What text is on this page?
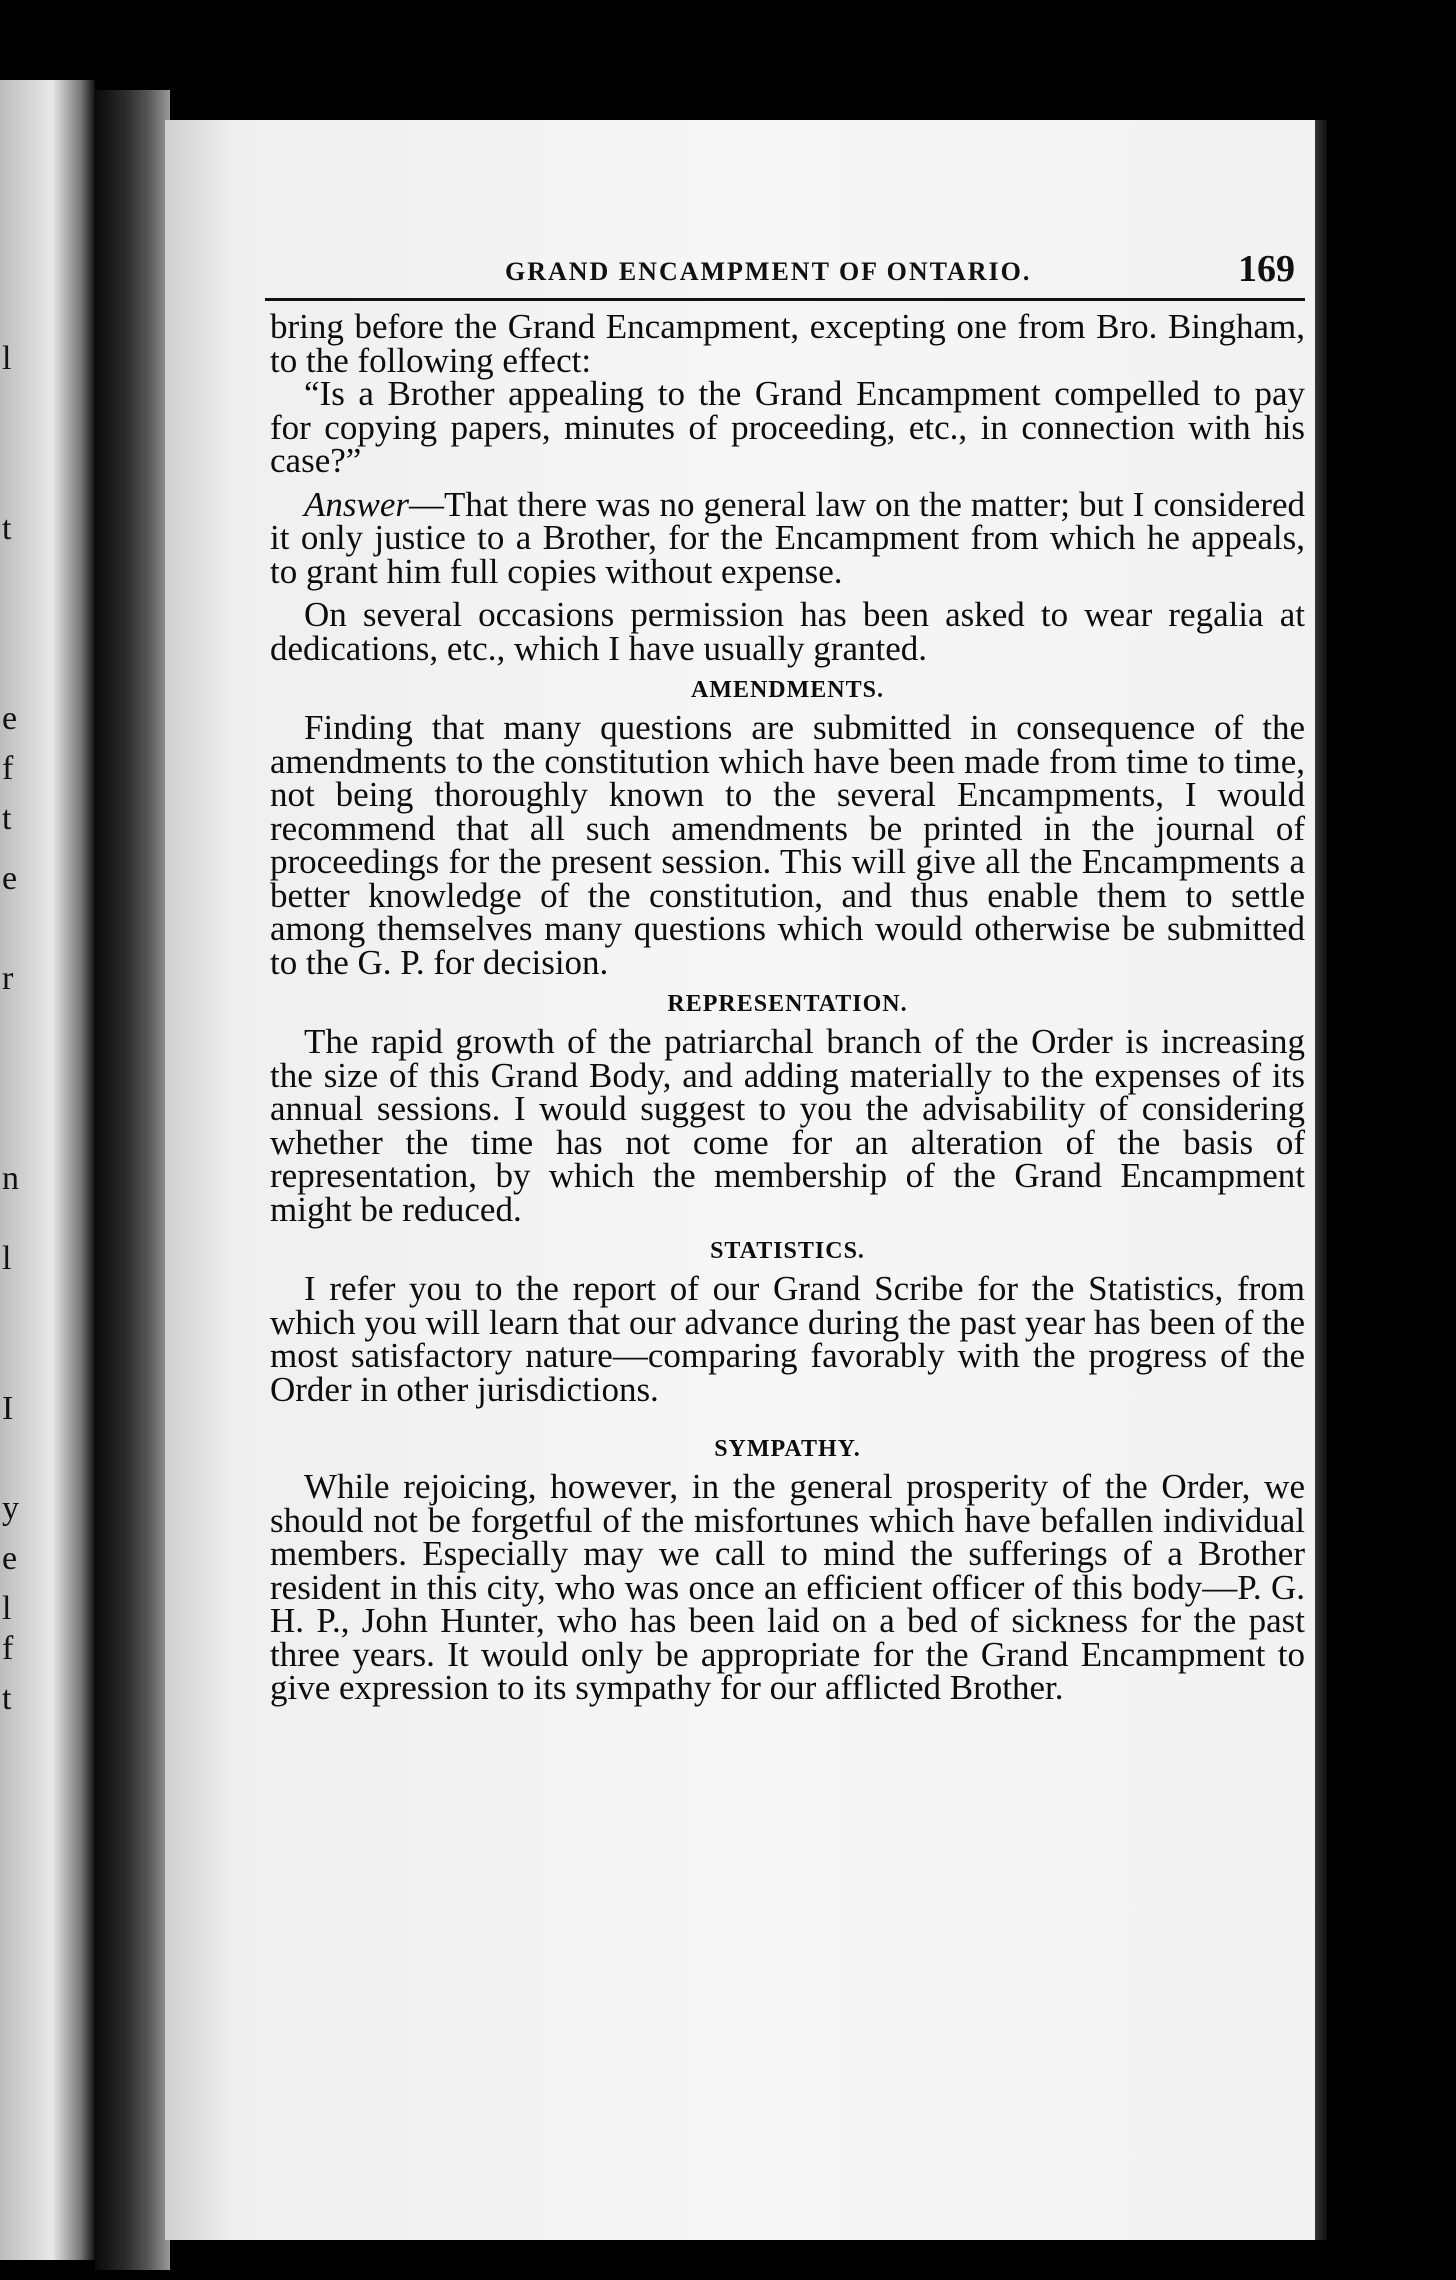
GRAND ENCAMPMENT OF ONTARIO.	169

bring before the Grand Encampment, excepting one from Bro. Bingham, to the following effect:

“Is a Brother appealing to the Grand Encampment compelled to pay for copying papers, minutes of proceeding, etc., in connection with his case?”

Answer—That there was no general law on the matter; but I considered it only justice to a Brother, for the Encampment from which he appeals, to grant him full copies without expense.

On several occasions permission has been asked to wear regalia at dedications, etc., which I have usually granted.

AMENDMENTS.

Finding that many questions are submitted in consequence of the amendments to the constitution which have been made from time to time, not being thoroughly known to the several Encampments, I would recommend that all such amendments be printed in the journal of proceedings for the present session. This will give all the Encampments a better knowledge of the constitution, and thus enable them to settle among themselves many questions which would otherwise be submitted to the G. P. for decision.

REPRESENTATION.

The rapid growth of the patriarchal branch of the Order is increasing the size of this Grand Body, and adding materially to the expenses of its annual sessions. I would suggest to you the advisability of considering whether the time has not come for an alteration of the basis of representation, by which the membership of the Grand Encampment might be reduced.

STATISTICS.

I refer you to the report of our Grand Scribe for the Statistics, from which you will learn that our advance during the past year has been of the most satisfactory nature—comparing favorably with the progress of the Order in other jurisdictions.

SYMPATHY.

While rejoicing, however, in the general prosperity of the Order, we should not be forgetful of the misfortunes which have befallen individual members. Especially may we call to mind the sufferings of a Brother resident in this city, who was once an efficient officer of this body—P. G. H. P., John Hunter, who has been laid on a bed of sickness for the past three years. It would only be appropriate for the Grand Encampment to give expression to its sympathy for our afflicted Brother.

l
t
e
f
t
e
r
n
l
I
y
e
l
f
t
